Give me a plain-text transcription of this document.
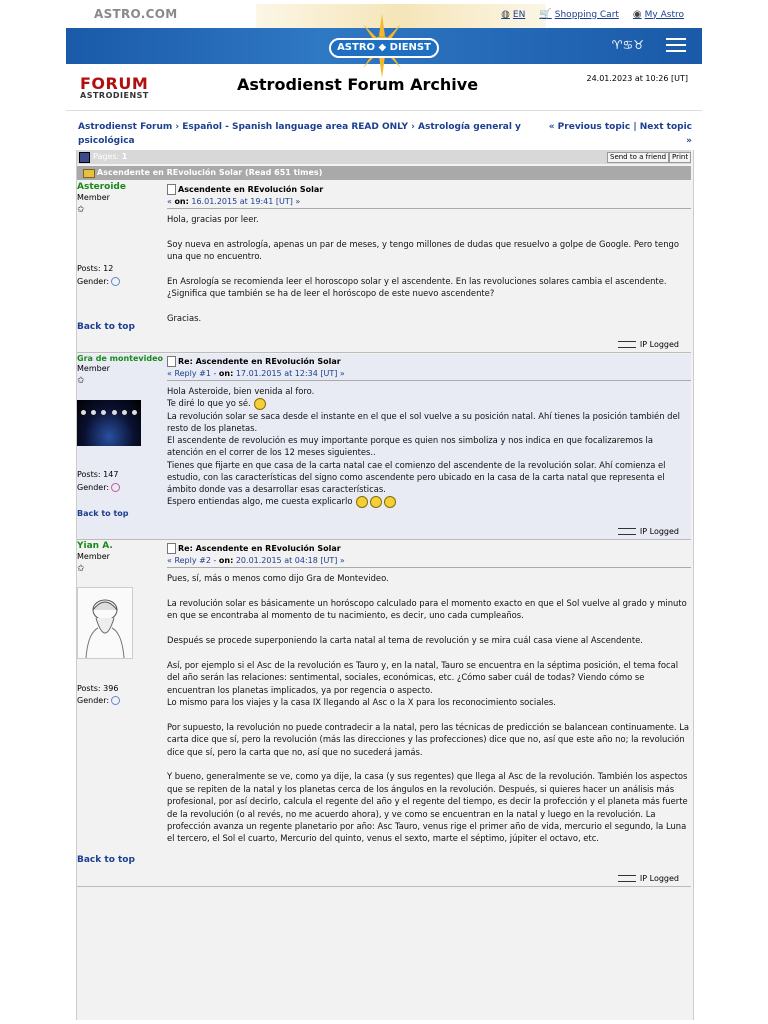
ASTRO.COM	◍ EN 🛒 Shopping Cart ◉ My Astro
ASTRO ◆ DIENST	♈♋♉
FORUM
ASTRODIENST
Astrodienst Forum Archive	24.01.2023 at 10:26 [UT]
Astrodienst Forum › Español - Spanish language area READ ONLY › Astrología general y psicológica
« Previous topic | Next topic »
Pages: 1	Send to a friend Print
Ascendente en REvolución Solar (Read 651 times)
Asteroide
Member
✩
Posts: 12
Gender:
Back to top
Ascendente en REvolución Solar
« on: 16.01.2015 at 19:41 [UT] »

Hola, gracias por leer.

Soy nueva en astrología, apenas un par de meses, y tengo millones de dudas que resuelvo a golpe de Google. Pero tengo una que no encuentro.

En Asrología se recomienda leer el horoscopo solar y el ascendente. En las revoluciones solares cambia el ascendente. ¿Significa que también se ha de leer el horóscopo de este nuevo ascendente?

Gracias.

IP Logged
Gra de montevideo
Member
✩
Posts: 147
Gender:
Back to top
Re: Ascendente en REvolución Solar
« Reply #1 - on: 17.01.2015 at 12:34 [UT] »
Hola Asteroide, bien venida al foro.
Te diré lo que yo sé.
La revolución solar se saca desde el instante en el que el sol vuelve a su posición natal. Ahí tienes la posición también del resto de los planetas.
El ascendente de revolución es muy importante porque es quien nos simboliza y nos indica en que focalizaremos la atención en el correr de los 12 meses siguientes..
Tienes que fijarte en que casa de la carta natal cae el comienzo del ascendente de la revolución solar. Ahí comienza el estudio, con las características del signo como ascendente pero ubicado en la casa de la carta natal que representa el ámbito donde vas a desarrollar esas características.
Espero entiendas algo, me cuesta explicarlo
IP Logged
Yian A.
Member
✩
Posts: 396
Gender:
Back to top
Re: Ascendente en REvolución Solar
« Reply #2 - on: 20.01.2015 at 04:18 [UT] »

Pues, sí, más o menos como dijo Gra de Montevideo.

La revolución solar es básicamente un horóscopo calculado para el momento exacto en que el Sol vuelve al grado y minuto en que se encontraba al momento de tu nacimiento, es decir, uno cada cumpleaños.

Después se procede superponiendo la carta natal al tema de revolución y se mira cuál casa viene al Ascendente.

Así, por ejemplo si el Asc de la revolución es Tauro y, en la natal, Tauro se encuentra en la séptima posición, el tema focal del año serán las relaciones: sentimental, sociales, económicas, etc. ¿Cómo saber cuál de todas? Viendo cómo se encuentran los planetas implicados, ya por regencia o aspecto.
Lo mismo para los viajes y la casa IX llegando al Asc o la X para los reconocimiento sociales.

Por supuesto, la revolución no puede contradecir a la natal, pero las técnicas de predicción se balancean continuamente. La carta dice que sí, pero la revolución (más las direcciones y las profecciones) dice que no, así que este año no; la revolución dice que sí, pero la carta que no, así que no sucederá jamás.

Y bueno, generalmente se ve, como ya dije, la casa (y sus regentes) que llega al Asc de la revolución. También los aspectos que se repiten de la natal y los planetas cerca de los ángulos en la revolución. Después, si quieres hacer un análisis más profesional, por así decirlo, calcula el regente del año y el regente del tiempo, es decir la profección y el planeta más fuerte de la revolución (o al revés, no me acuerdo ahora), y ve como se encuentran en la natal y luego en la revolución. La profección avanza un regente planetario por año: Asc Tauro, venus rige el primer año de vida, mercurio el segundo, la Luna el tercero, el Sol el cuarto, Mercurio del quinto, venus el sexto, marte el séptimo, júpiter el octavo, etc.

IP Logged
